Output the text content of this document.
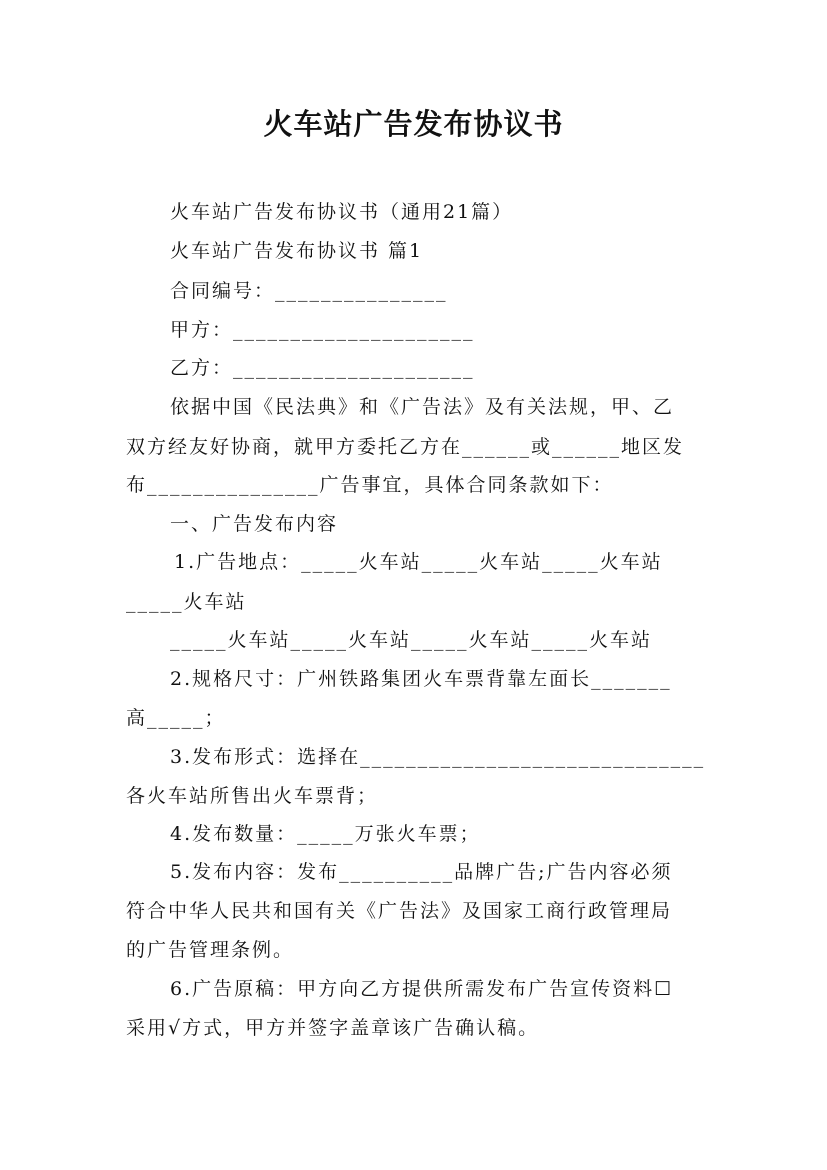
火车站广告发布协议书
火车站广告发布协议书（通用21篇）
火车站广告发布协议书 篇1
合同编号：_______________
甲方：_____________________
乙方：_____________________
依据中国《民法典》和《广告法》及有关法规，甲、乙
双方经友好协商，就甲方委托乙方在______或______地区发
布_______________广告事宜，具体合同条款如下：
一、广告发布内容
1.广告地点：_____火车站_____火车站_____火车站
_____火车站
_____火车站_____火车站_____火车站_____火车站
2.规格尺寸：广州铁路集团火车票背靠左面长_______
高_____；
3.发布形式：选择在______________________________
各火车站所售出火车票背；
4.发布数量：_____万张火车票；
5.发布内容：发布__________品牌广告;广告内容必须
符合中华人民共和国有关《广告法》及国家工商行政管理局
的广告管理条例。
6.广告原稿：甲方向乙方提供所需发布广告宣传资料☐
采用√方式，甲方并签字盖章该广告确认稿。
